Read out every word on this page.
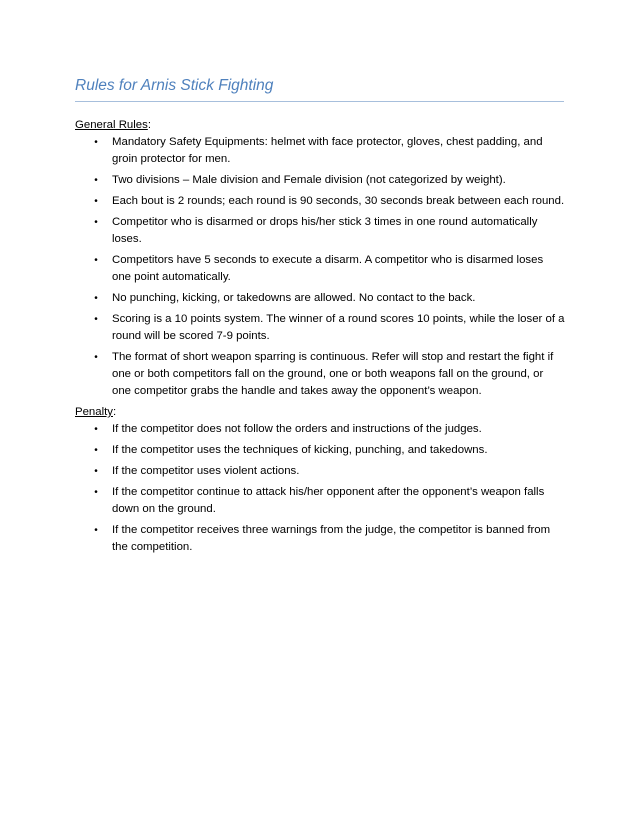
Rules for Arnis Stick Fighting

General Rules:

• Mandatory Safety Equipments: helmet with face protector, gloves, chest padding, and groin protector for men.
• Two divisions – Male division and Female division (not categorized by weight).
• Each bout is 2 rounds; each round is 90 seconds, 30 seconds break between each round.
• Competitor who is disarmed or drops his/her stick 3 times in one round automatically loses.
• Competitors have 5 seconds to execute a disarm. A competitor who is disarmed loses one point automatically.
• No punching, kicking, or takedowns are allowed. No contact to the back.
• Scoring is a 10 points system. The winner of a round scores 10 points, while the loser of a round will be scored 7-9 points.
• The format of short weapon sparring is continuous. Refer will stop and restart the fight if one or both competitors fall on the ground, one or both weapons fall on the ground, or one competitor grabs the handle and takes away the opponent’s weapon.

Penalty:

• If the competitor does not follow the orders and instructions of the judges.
• If the competitor uses the techniques of kicking, punching, and takedowns.
• If the competitor uses violent actions.
• If the competitor continue to attack his/her opponent after the opponent’s weapon falls down on the ground.
• If the competitor receives three warnings from the judge, the competitor is banned from the competition.
